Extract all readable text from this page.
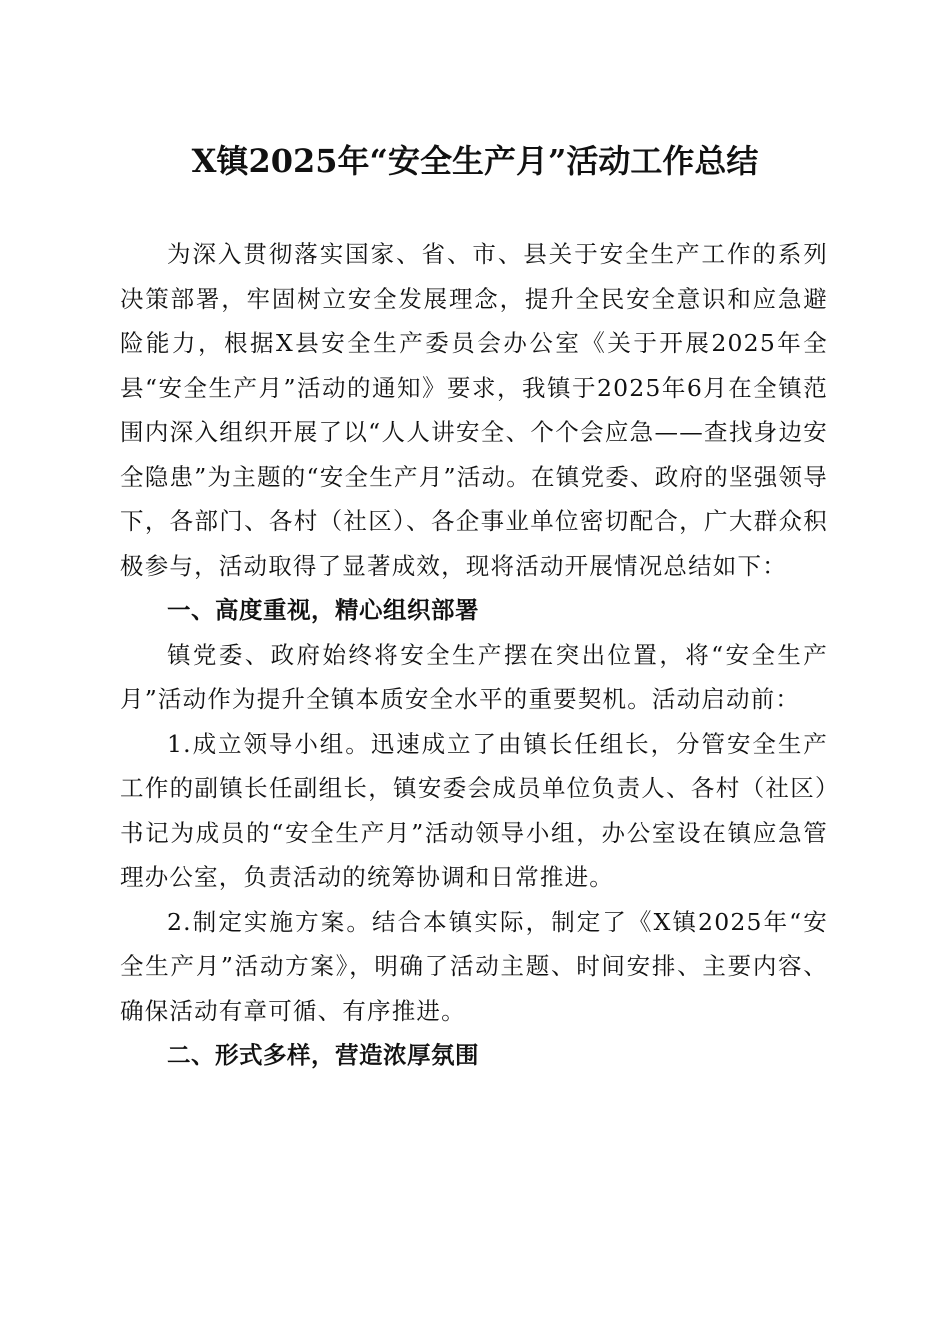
X镇2025年“安全生产月”活动工作总结

为深入贯彻落实国家、省、市、县关于安全生产工作的系列决策部署，牢固树立安全发展理念，提升全民安全意识和应急避险能力，根据X县安全生产委员会办公室《关于开展2025年全县“安全生产月”活动的通知》要求，我镇于2025年6月在全镇范围内深入组织开展了以“人人讲安全、个个会应急——查找身边安全隐患”为主题的“安全生产月”活动。在镇党委、政府的坚强领导下，各部门、各村（社区）、各企事业单位密切配合，广大群众积极参与，活动取得了显著成效，现将活动开展情况总结如下：

一、高度重视，精心组织部署

镇党委、政府始终将安全生产摆在突出位置，将“安全生产月”活动作为提升全镇本质安全水平的重要契机。活动启动前：

1.成立领导小组。迅速成立了由镇长任组长，分管安全生产工作的副镇长任副组长，镇安委会成员单位负责人、各村（社区）书记为成员的“安全生产月”活动领导小组，办公室设在镇应急管理办公室，负责活动的统筹协调和日常推进。

2.制定实施方案。结合本镇实际，制定了《X镇2025年“安全生产月”活动方案》，明确了活动主题、时间安排、主要内容、确保活动有章可循、有序推进。

二、形式多样，营造浓厚氛围
